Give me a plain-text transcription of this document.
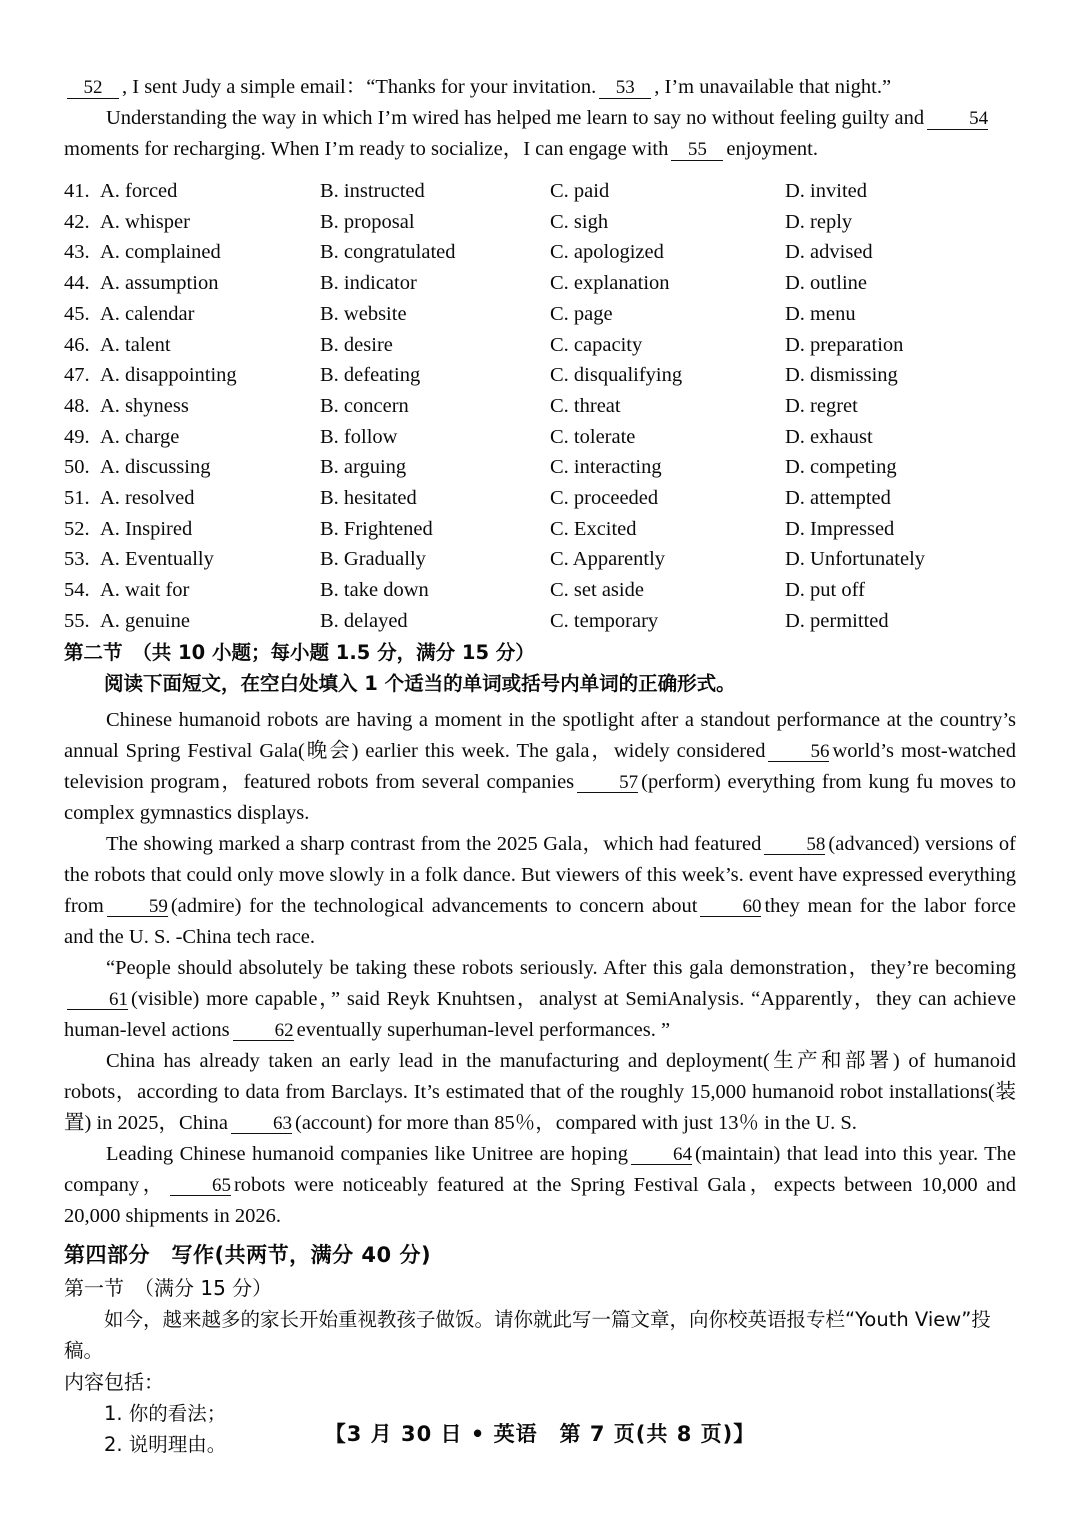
52 , I sent Judy a simple email：“Thanks for your invitation. 53 , I’m unavailable that night.”

Understanding the way in which I’m wired has helped me learn to say no without feeling guilty and 54

moments for recharging. When I’m ready to socialize，I can engage with 55 enjoyment.

41. A. forced	B. instructed	C. paid	D. invited
42. A. whisper	B. proposal	C. sigh	D. reply
43. A. complained	B. congratulated	C. apologized	D. advised
44. A. assumption	B. indicator	C. explanation	D. outline
45. A. calendar	B. website	C. page	D. menu
46. A. talent	B. desire	C. capacity	D. preparation
47. A. disappointing	B. defeating	C. disqualifying	D. dismissing
48. A. shyness	B. concern	C. threat	D. regret
49. A. charge	B. follow	C. tolerate	D. exhaust
50. A. discussing	B. arguing	C. interacting	D. competing
51. A. resolved	B. hesitated	C. proceeded	D. attempted
52. A. Inspired	B. Frightened	C. Excited	D. Impressed
53. A. Eventually	B. Gradually	C. Apparently	D. Unfortunately
54. A. wait for	B. take down	C. set aside	D. put off
55. A. genuine	B. delayed	C. temporary	D. permitted
第二节　（共 10 小题；每小题 1.5 分，满分 15 分）
阅读下面短文，在空白处填入 1 个适当的单词或括号内单词的正确形式。

Chinese humanoid robots are having a moment in the spotlight after a standout performance at the country’s annual Spring Festival Gala(晚会) earlier this week. The gala，widely considered 56 world’s most-watched television program，featured robots from several companies 57 (perform) everything from kung fu moves to complex gymnastics displays.

The showing marked a sharp contrast from the 2025 Gala，which had featured 58 (advanced) versions of the robots that could only move slowly in a folk dance. But viewers of this week’s. event have expressed everything from 59 (admire) for the technological advancements to concern about 60 they mean for the labor force and the U. S. -China tech race.

“People should absolutely be taking these robots seriously. After this gala demonstration，they’re becoming61 (visible) more capable，” said Reyk Knuhtsen，analyst at SemiAnalysis. “Apparently，they can achieve human-level actions 62 eventually superhuman-level performances. ”

China has already taken an early lead in the manufacturing and deployment(生产和部署) of humanoid robots，according to data from Barclays. It’s estimated that of the roughly 15,000 humanoid robot installations(装置) in 2025，China 63 (account) for more than 85％，compared with just 13％ in the U. S.

Leading Chinese humanoid companies like Unitree are hoping 64 (maintain) that lead into this year. The company， 65 robots were noticeably featured at the Spring Festival Gala，expects between 10,000 and 20,000 shipments in 2026.

第四部分　写作(共两节，满分 40 分)
第一节　（满分 15 分）
如今，越来越多的家长开始重视教孩子做饭。请你就此写一篇文章，向你校英语报专栏“Youth View”投稿。
内容包括：
1. 你的看法；
2. 说明理由。	【3 月 30 日 • 英语　第 7 页(共 8 页)】
